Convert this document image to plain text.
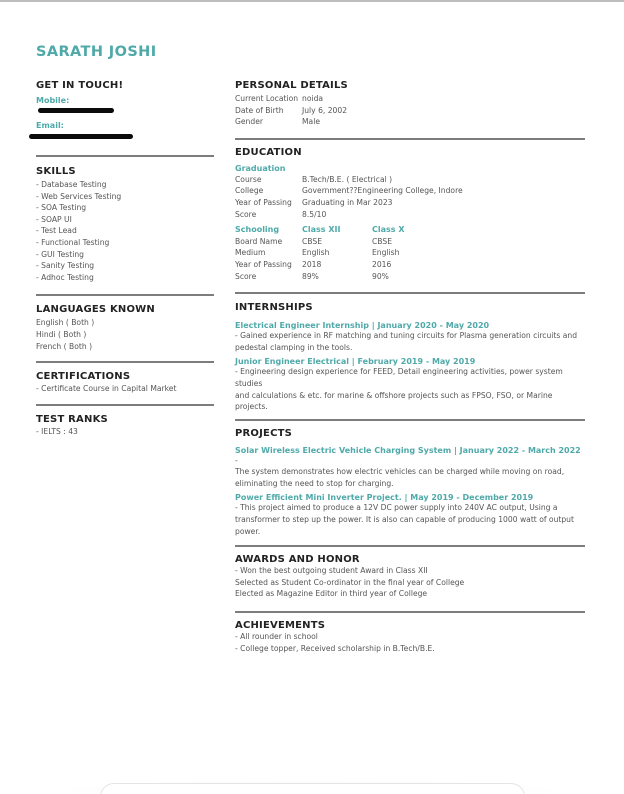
SARATH JOSHI
GET IN TOUCH!
Mobile:
Email:
SKILLS
- Database Testing
- Web Services Testing
- SOA Testing
- SOAP UI
- Test Lead
- Functional Testing
- GUI Testing
- Sanity Testing
- Adhoc Testing
LANGUAGES KNOWN
English ( Both )
Hindi ( Both )
French ( Both )
CERTIFICATIONS
- Certificate Course in Capital Market
TEST RANKS
- IELTS : 43
PERSONAL DETAILS
Current Location noida
Date of Birth	July 6, 2002
Gender	Male
EDUCATION
Graduation
Course	B.Tech/B.E. ( Electrical )
College	Government??Engineering College, Indore
Year of Passing	Graduating in Mar 2023
Score	8.5/10
Schooling	Class XII	Class X
Board Name	CBSE	CBSE
Medium	English	English
Year of Passing	2018	2016
Score	89%	90%
INTERNSHIPS
Electrical Engineer Internship | January 2020 - May 2020
- Gained experience in RF matching and tuning circuits for Plasma generation circuits and
pedestal clamping in the tools.
Junior Engineer Electrical | February 2019 - May 2019
- Engineering design experience for FEED, Detail engineering activities, power system studies
and calculations & etc. for marine & offshore projects such as FPSO, FSO, or Marine projects.
PROJECTS
Solar Wireless Electric Vehicle Charging System | January 2022 - March 2022
-
The system demonstrates how electric vehicles can be charged while moving on road,
eliminating the need to stop for charging.
Power Efficient Mini Inverter Project. | May 2019 - December 2019
- This project aimed to produce a 12V DC power supply into 240V AC output, Using a
transformer to step up the power. It is also can capable of producing 1000 watt of output
power.
AWARDS AND HONOR
- Won the best outgoing student Award in Class XII
Selected as Student Co-ordinator in the final year of College
Elected as Magazine Editor in third year of College
ACHIEVEMENTS
- All rounder in school
- College topper, Received scholarship in B.Tech/B.E.
